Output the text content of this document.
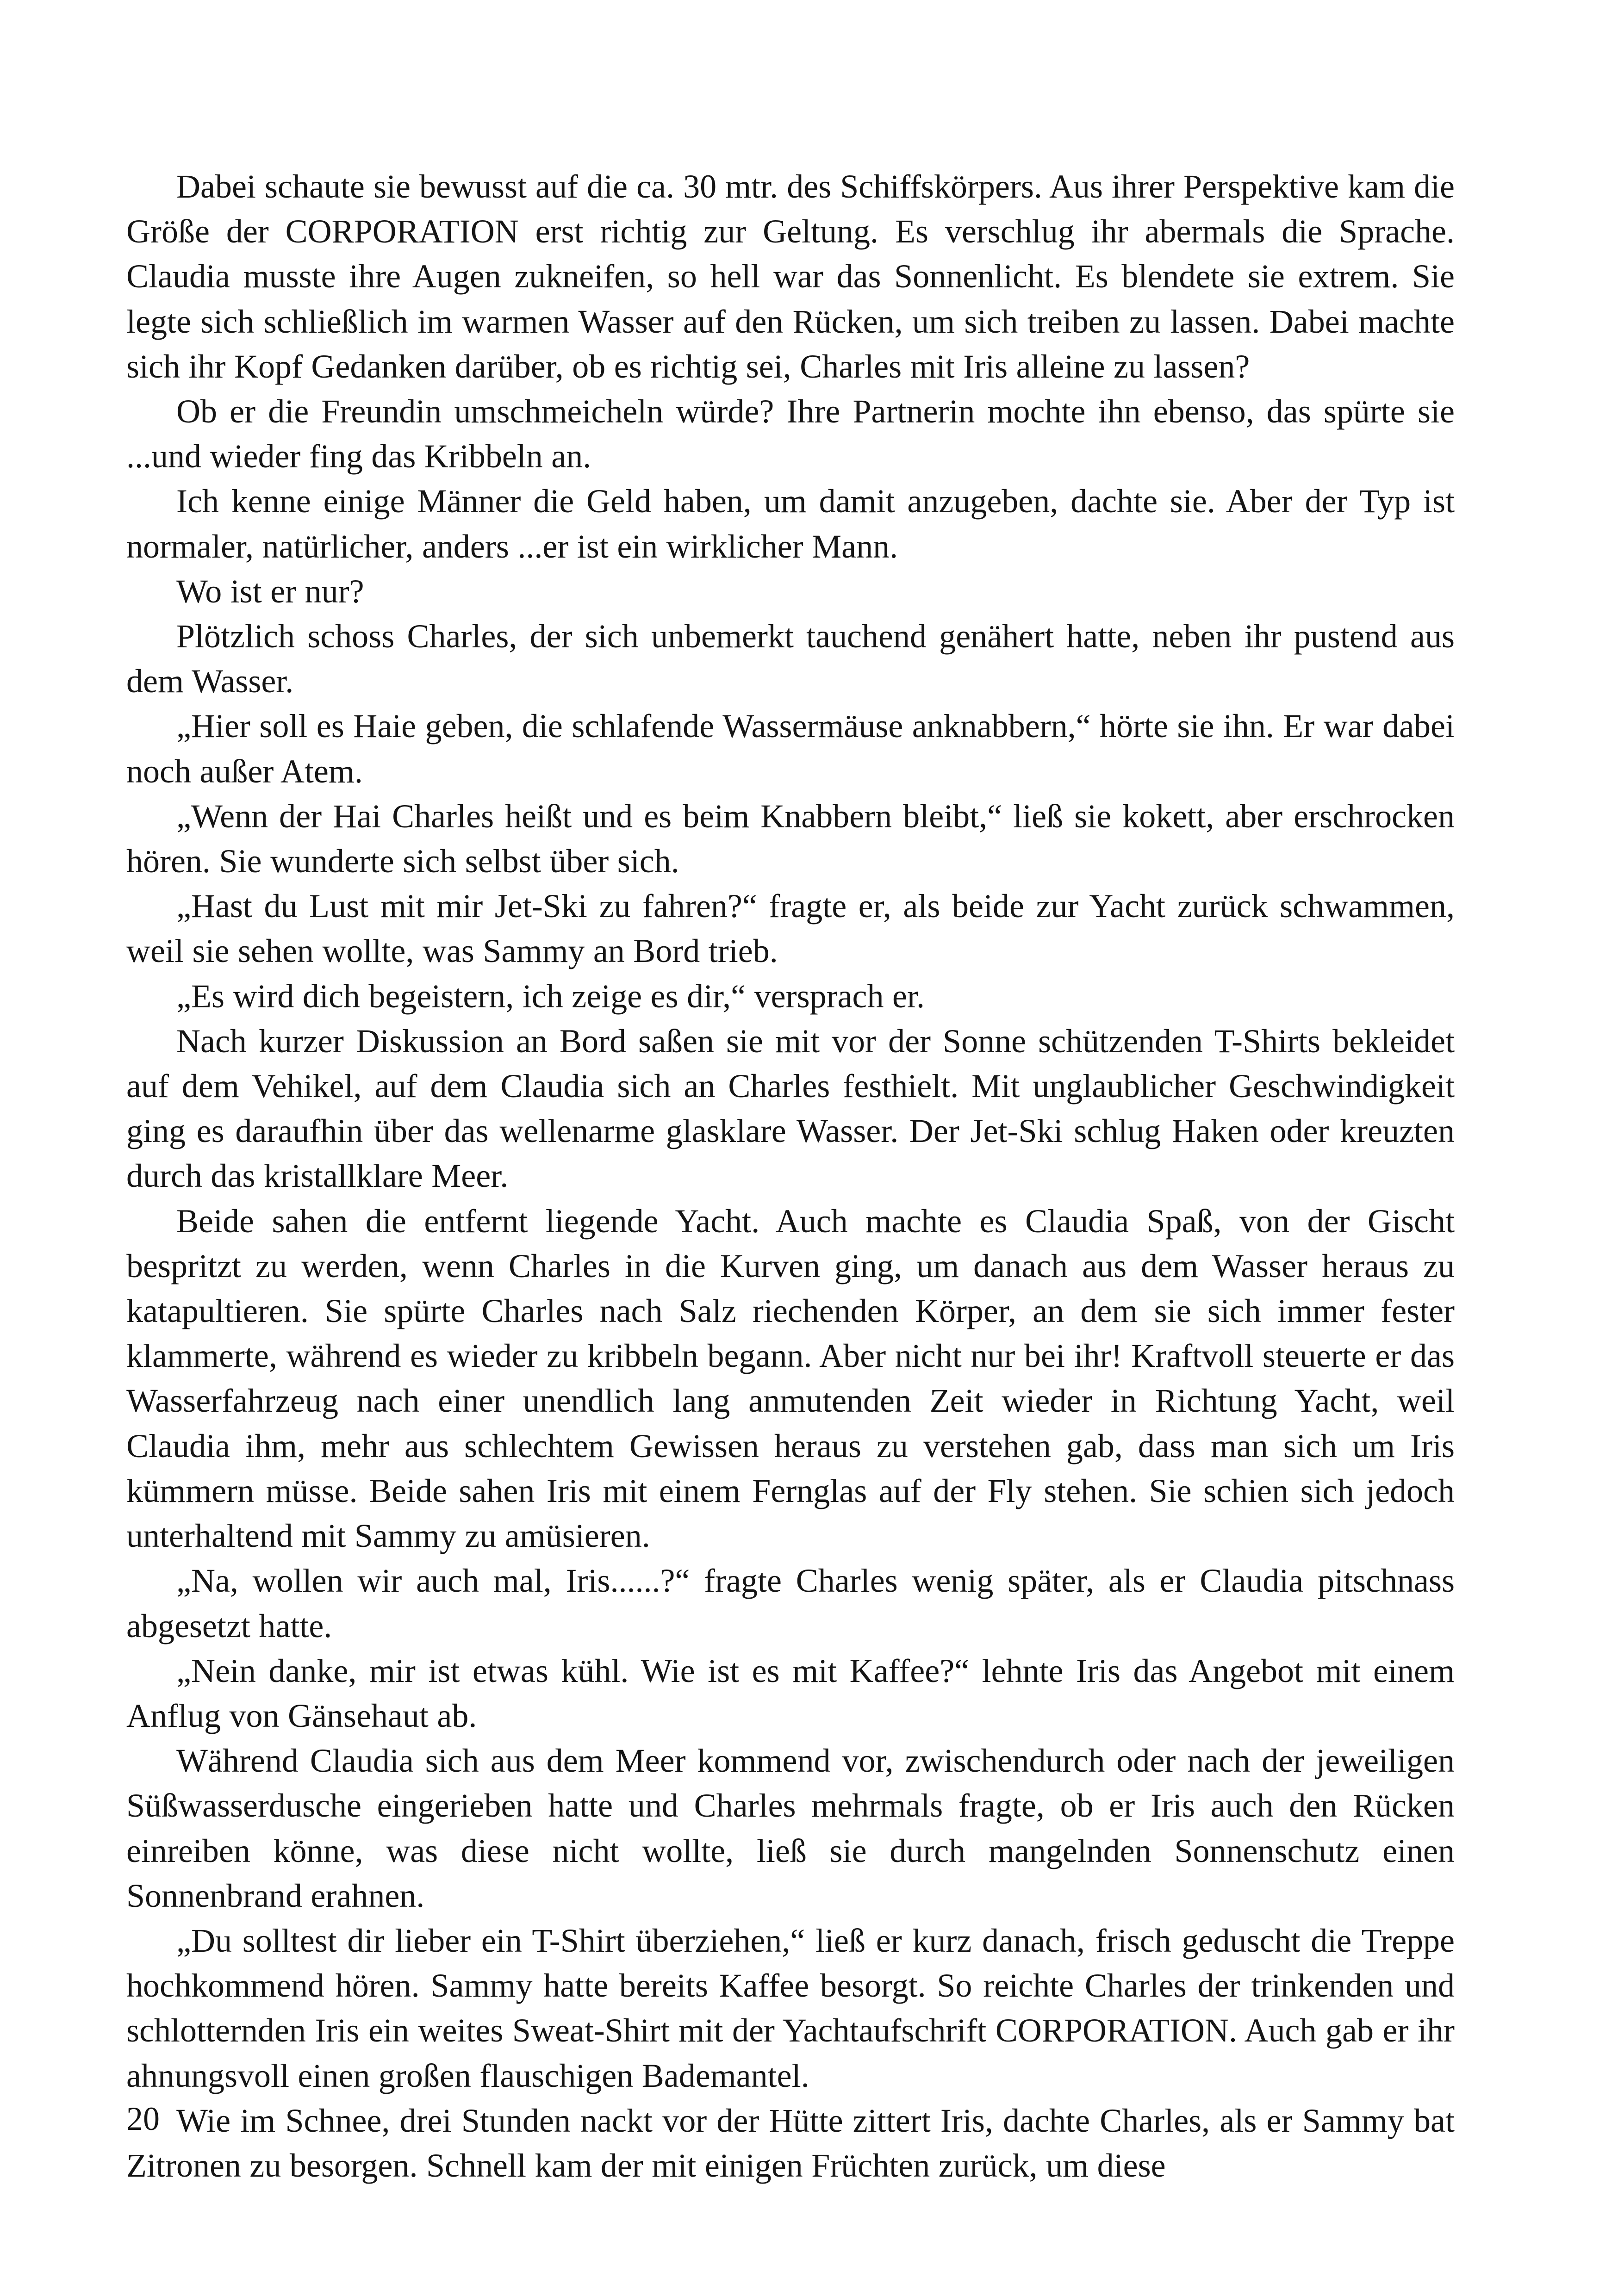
Dabei schaute sie bewusst auf die ca. 30 mtr. des Schiffskörpers. Aus ihrer Perspektive kam die Größe der CORPORATION erst richtig zur Geltung. Es verschlug ihr abermals die Sprache. Claudia musste ihre Augen zukneifen, so hell war das Sonnenlicht. Es blendete sie extrem. Sie legte sich schließlich im warmen Wasser auf den Rücken, um sich treiben zu lassen. Dabei machte sich ihr Kopf Gedanken darüber, ob es richtig sei, Charles mit Iris alleine zu lassen?

Ob er die Freundin umschmeicheln würde? Ihre Partnerin mochte ihn ebenso, das spürte sie ...und wieder fing das Kribbeln an.

Ich kenne einige Männer die Geld haben, um damit anzugeben, dachte sie. Aber der Typ ist normaler, natürlicher, anders ...er ist ein wirklicher Mann.

Wo ist er nur?

Plötzlich schoss Charles, der sich unbemerkt tauchend genähert hatte, neben ihr pustend aus dem Wasser.

„Hier soll es Haie geben, die schlafende Wassermäuse anknabbern,“ hörte sie ihn. Er war dabei noch außer Atem.

„Wenn der Hai Charles heißt und es beim Knabbern bleibt,“ ließ sie kokett, aber erschrocken hören. Sie wunderte sich selbst über sich.

„Hast du Lust mit mir Jet-Ski zu fahren?“ fragte er, als beide zur Yacht zurück schwammen, weil sie sehen wollte, was Sammy an Bord trieb.

„Es wird dich begeistern, ich zeige es dir,“ versprach er.

Nach kurzer Diskussion an Bord saßen sie mit vor der Sonne schützenden T-Shirts bekleidet auf dem Vehikel, auf dem Claudia sich an Charles festhielt. Mit unglaublicher Geschwindigkeit ging es daraufhin über das wellenarme glasklare Wasser. Der Jet-Ski schlug Haken oder kreuzten durch das kristallklare Meer.

Beide sahen die entfernt liegende Yacht. Auch machte es Claudia Spaß, von der Gischt bespritzt zu werden, wenn Charles in die Kurven ging, um danach aus dem Wasser heraus zu katapultieren. Sie spürte Charles nach Salz riechenden Körper, an dem sie sich immer fester klammerte, während es wieder zu kribbeln begann. Aber nicht nur bei ihr! Kraftvoll steuerte er das Wasserfahrzeug nach einer unendlich lang anmutenden Zeit wieder in Richtung Yacht, weil Claudia ihm, mehr aus schlechtem Gewissen heraus zu verstehen gab, dass man sich um Iris kümmern müsse. Beide sahen Iris mit einem Fernglas auf der Fly stehen. Sie schien sich jedoch unterhaltend mit Sammy zu amüsieren.

„Na, wollen wir auch mal, Iris......?“ fragte Charles wenig später, als er Claudia pitschnass abgesetzt hatte.

„Nein danke, mir ist etwas kühl. Wie ist es mit Kaffee?“ lehnte Iris das Angebot mit einem Anflug von Gänsehaut ab.

Während Claudia sich aus dem Meer kommend vor, zwischendurch oder nach der jeweiligen Süßwasserdusche eingerieben hatte und Charles mehrmals fragte, ob er Iris auch den Rücken einreiben könne, was diese nicht wollte, ließ sie durch mangelnden Sonnenschutz einen Sonnenbrand erahnen.

„Du solltest dir lieber ein T-Shirt überziehen,“ ließ er kurz danach, frisch geduscht die Treppe hochkommend hören. Sammy hatte bereits Kaffee besorgt. So reichte Charles der trinkenden und schlotternden Iris ein weites Sweat-Shirt mit der Yachtaufschrift CORPORATION. Auch gab er ihr ahnungsvoll einen großen flauschigen Bademantel.

Wie im Schnee, drei Stunden nackt vor der Hütte zittert Iris, dachte Charles, als er Sammy bat Zitronen zu besorgen. Schnell kam der mit einigen Früchten zurück, um diese

20
